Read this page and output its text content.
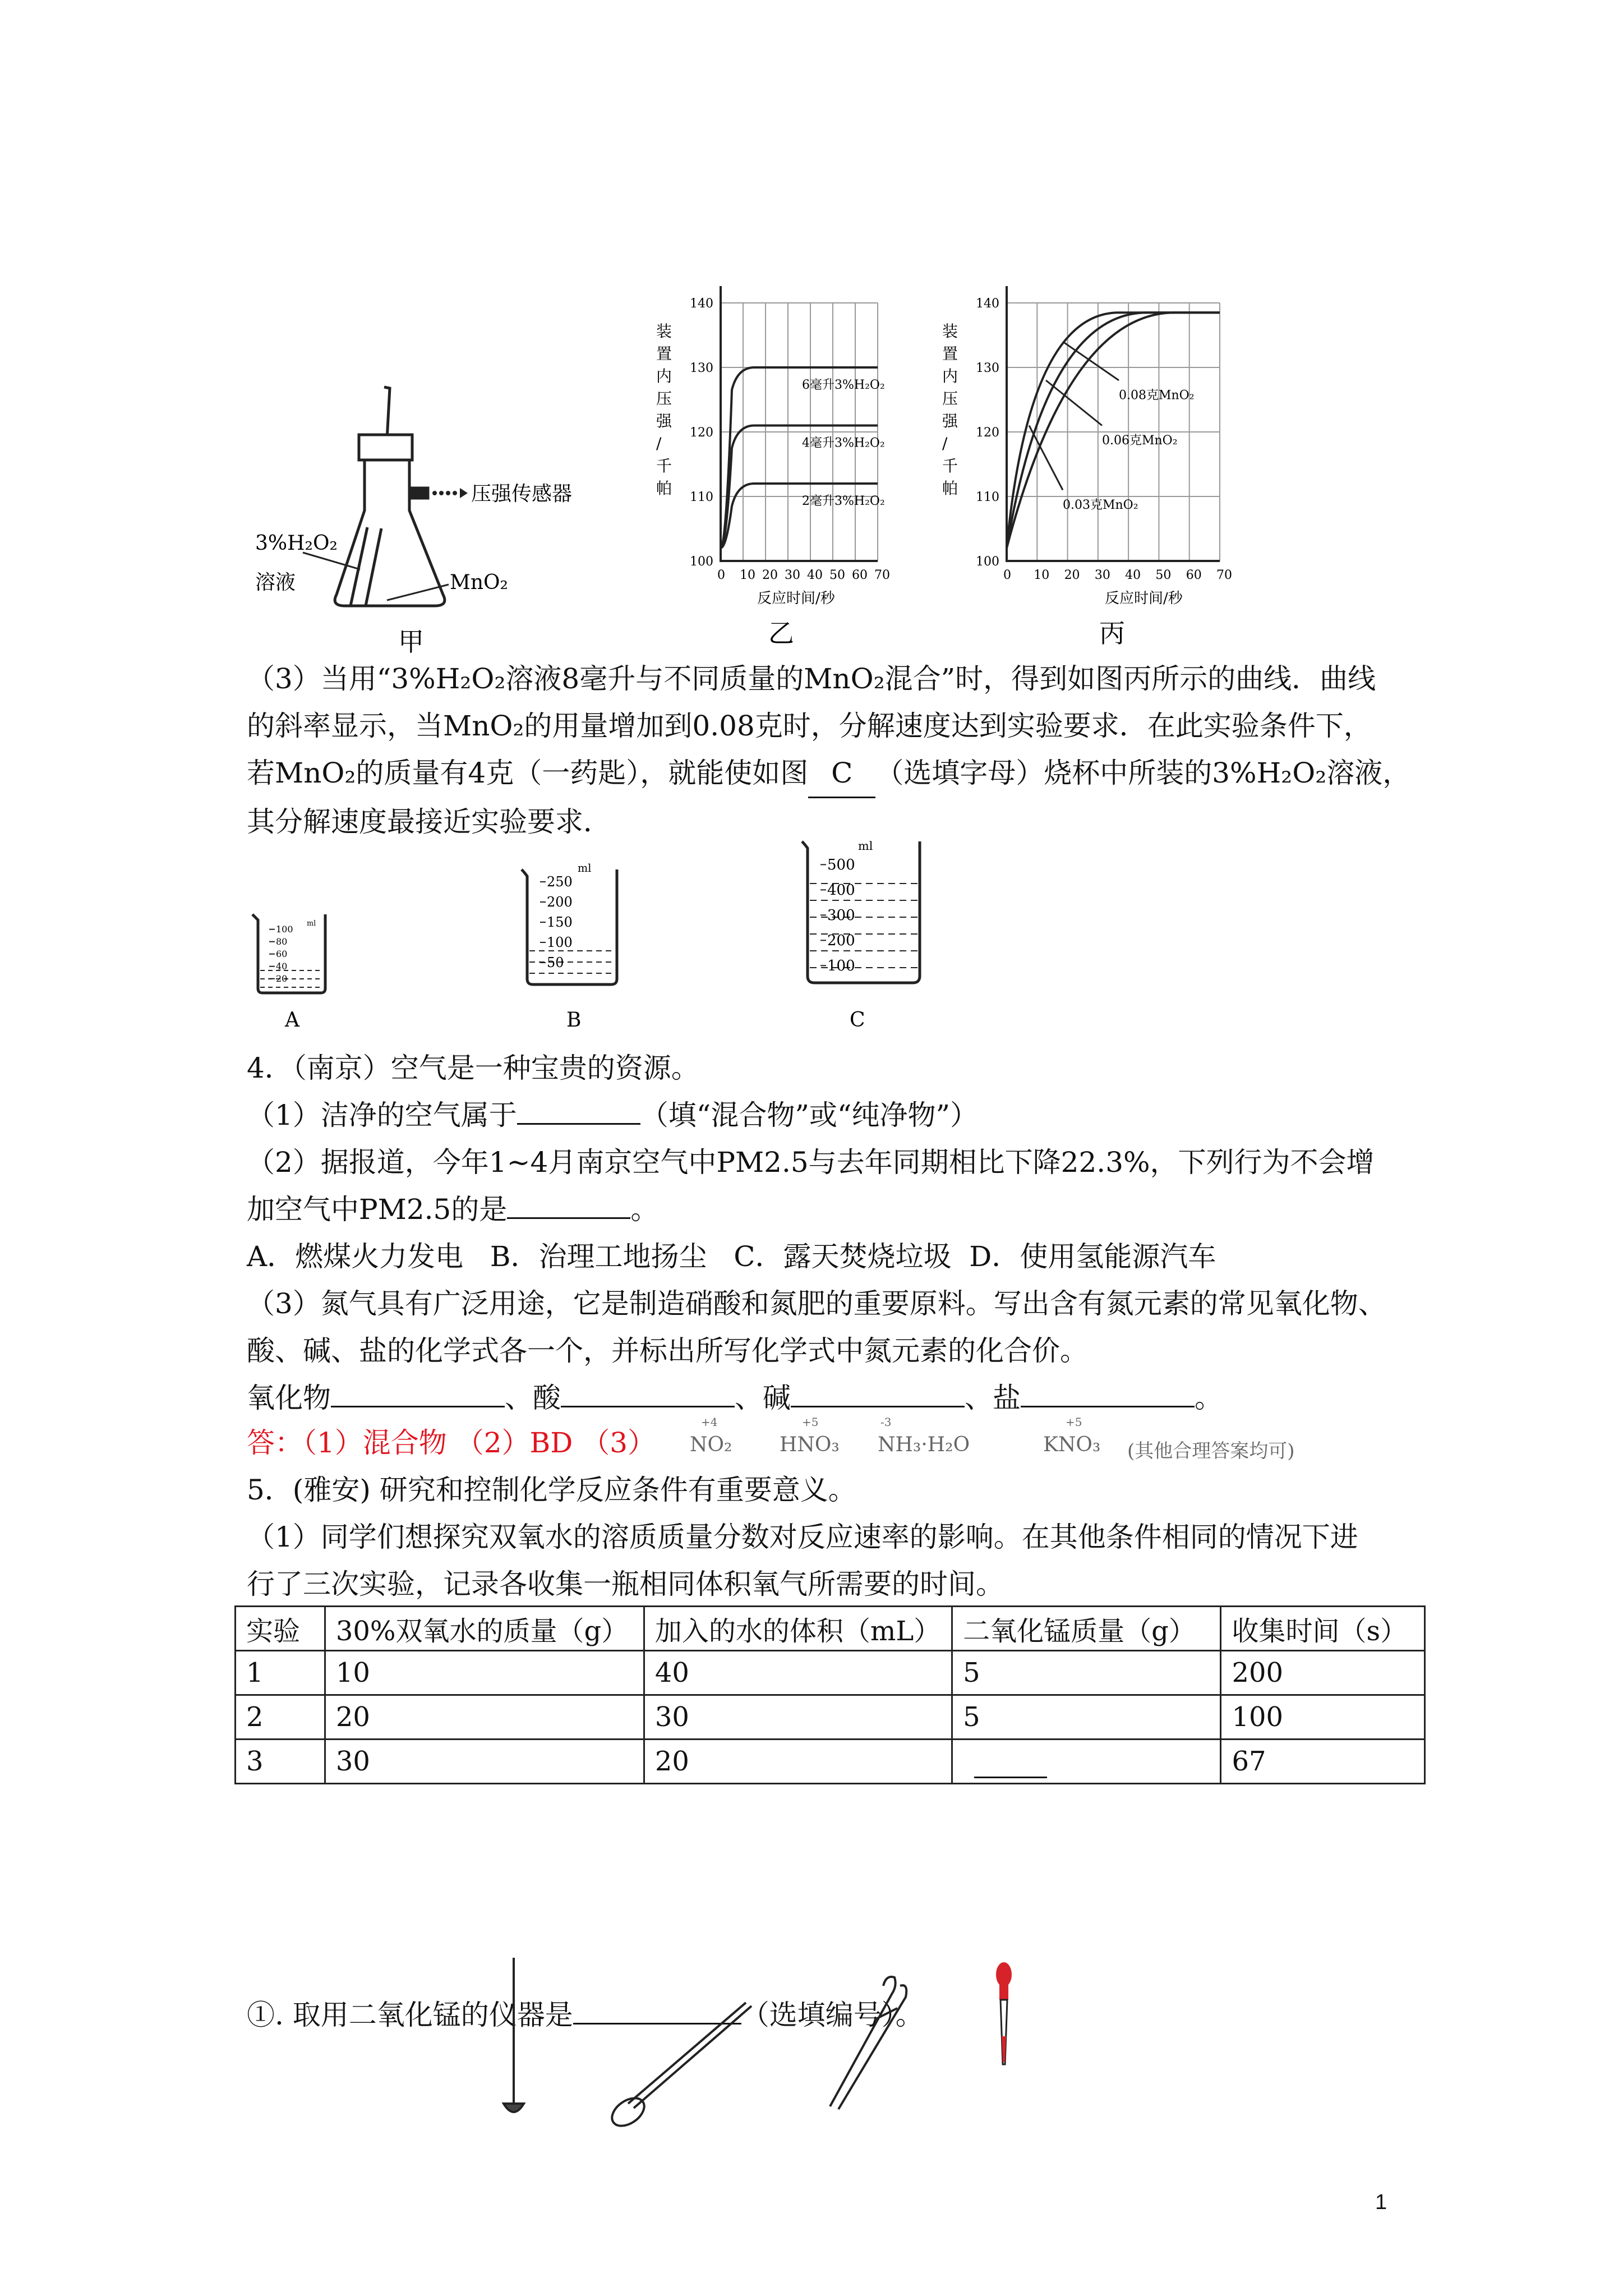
压强传感器
3%H₂O₂
溶液	MnO₂
甲
装
置
内
压
强
/
千
帕
140
130
120
110
100
0 10 20 30 40 50 60 70
6毫升3%H₂O₂
4毫升3%H₂O₂
2毫升3%H₂O₂
反应时间/秒
乙
装
置
内
压
强
/
千
帕
140
130
120
110
100
0 10 20 30 40 50 60 70
0.08克MnO₂
0.06克MnO₂
0.03克MnO₂
反应时间/秒
丙
（3）当用“3%H₂O₂溶液8毫升与不同质量的MnO₂混合”时，得到如图丙所示的曲线．曲线
的斜率显示，当MnO₂的用量增加到0.08克时，分解速度达到实验要求．在此实验条件下，
若MnO₂的质量有4克（一药匙），就能使如图 C （选填字母）烧杯中所装的3%H₂O₂溶液，
其分解速度最接近实验要求．
ml
100
80
60
40
20
A
ml
250
200
150
100
50
B
ml
500
400
300
200
100
C
4．（南京）空气是一种宝贵的资源。
（1）洁净的空气属于	（填“混合物”或“纯净物”）
（2）据报道，今年1~4月南京空气中PM2.5与去年同期相比下降22.3%，下列行为不会增
加空气中PM2.5的是	。
A．燃煤火力发电   B．治理工地扬尘   C．露天焚烧垃圾  D．使用氢能源汽车
（3）氮气具有广泛用途，它是制造硝酸和氮肥的重要原料。写出含有氮元素的常见氧化物、
酸、碱、盐的化学式各一个，并标出所写化学式中氮元素的化合价。
氧化物	、酸	、碱	、盐	。
答：（1）混合物 （2）BD （3） NO₂
+4
HNO₃
+5
NH₃·H₂O
-3
KNO₃
+5
(其他合理答案均可)
5．(雅安) 研究和控制化学反应条件有重要意义。
（1）同学们想探究双氧水的溶质质量分数对反应速率的影响。在其他条件相同的情况下进
行了三次实验，记录各收集一瓶相同体积氧气所需要的时间。
实验	30%双氧水的质量（g）	加入的水的体积（mL）	二氧化锰质量（g）	收集时间（s）
1	10	40	5	200
2	20	30	5	100
3	30	20		67
①. 取用二氧化锰的仪器是	（选填编号）。
1
